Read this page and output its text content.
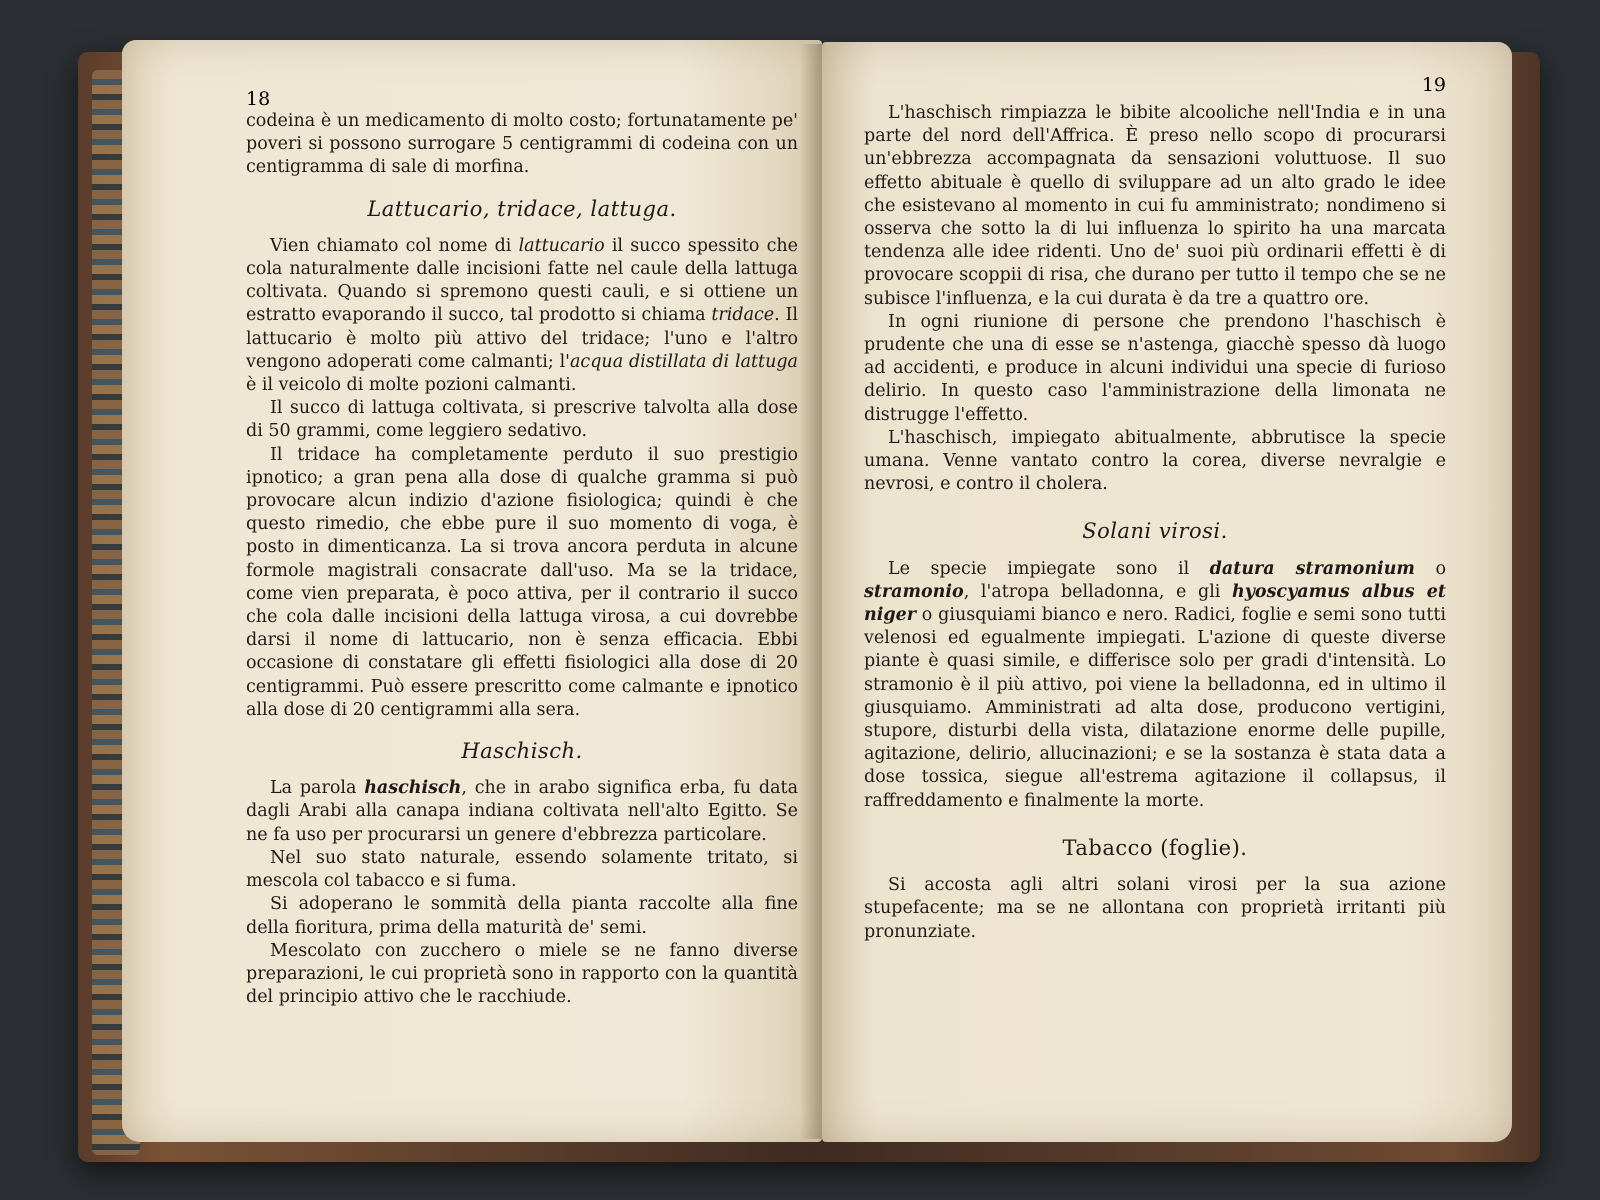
18

codeina è un medicamento di molto costo; fortunatamente pe' poveri si possono surrogare 5 centigrammi di codeina con un centigramma di sale di morfina.

Lattucario, tridace, lattuga.

Vien chiamato col nome di lattucario il succo spessito che cola naturalmente dalle incisioni fatte nel caule della lattuga coltivata. Quando si spremono questi cauli, e si ottiene un estratto evaporando il succo, tal prodotto si chiama tridace. Il lattucario è molto più attivo del tridace; l'uno e l'altro vengono adoperati come calmanti; l'acqua distillata di lattuga è il veicolo di molte pozioni calmanti.

Il succo di lattuga coltivata, si prescrive talvolta alla dose di 50 grammi, come leggiero sedativo.

Il tridace ha completamente perduto il suo prestigio ipnotico; a gran pena alla dose di qualche gramma si può provocare alcun indizio d'azione fisiologica; quindi è che questo rimedio, che ebbe pure il suo momento di voga, è posto in dimenticanza. La si trova ancora perduta in alcune formole magistrali consacrate dall'uso. Ma se la tridace, come vien preparata, è poco attiva, per il contrario il succo che cola dalle incisioni della lattuga virosa, a cui dovrebbe darsi il nome di lattucario, non è senza efficacia. Ebbi occasione di constatare gli effetti fisiologici alla dose di 20 centigrammi. Può essere prescritto come calmante e ipnotico alla dose di 20 centigrammi alla sera.

Haschisch.

La parola haschisch, che in arabo significa erba, fu data dagli Arabi alla canapa indiana coltivata nell'alto Egitto. Se ne fa uso per procurarsi un genere d'ebbrezza particolare.

Nel suo stato naturale, essendo solamente tritato, si mescola col tabacco e si fuma.

Si adoperano le sommità della pianta raccolte alla fine della fioritura, prima della maturità de' semi.

Mescolato con zucchero o miele se ne fanno diverse preparazioni, le cui proprietà sono in rapporto con la quantità del principio attivo che le racchiude.

19

L'haschisch rimpiazza le bibite alcooliche nell'India e in una parte del nord dell'Affrica. È preso nello scopo di procurarsi un'ebbrezza accompagnata da sensazioni voluttuose. Il suo effetto abituale è quello di sviluppare ad un alto grado le idee che esistevano al momento in cui fu amministrato; nondimeno si osserva che sotto la di lui influenza lo spirito ha una marcata tendenza alle idee ridenti. Uno de' suoi più ordinarii effetti è di provocare scoppii di risa, che durano per tutto il tempo che se ne subisce l'influenza, e la cui durata è da tre a quattro ore.

In ogni riunione di persone che prendono l'haschisch è prudente che una di esse se n'astenga, giacchè spesso dà luogo ad accidenti, e produce in alcuni individui una specie di furioso delirio. In questo caso l'amministrazione della limonata ne distrugge l'effetto.

L'haschisch, impiegato abitualmente, abbrutisce la specie umana. Venne vantato contro la corea, diverse nevralgie e nevrosi, e contro il cholera.

Solani virosi.

Le specie impiegate sono il datura stramonium o stramonio, l'atropa belladonna, e gli hyoscyamus albus et niger o giusquiami bianco e nero. Radici, foglie e semi sono tutti velenosi ed egualmente impiegati. L'azione di queste diverse piante è quasi simile, e differisce solo per gradi d'intensità. Lo stramonio è il più attivo, poi viene la belladonna, ed in ultimo il giusquiamo. Amministrati ad alta dose, producono vertigini, stupore, disturbi della vista, dilatazione enorme delle pupille, agitazione, delirio, allucinazioni; e se la sostanza è stata data a dose tossica, siegue all'estrema agitazione il collapsus, il raffreddamento e finalmente la morte.

Tabacco (foglie).

Si accosta agli altri solani virosi per la sua azione stupefacente; ma se ne allontana con proprietà irritanti più pronunziate.
